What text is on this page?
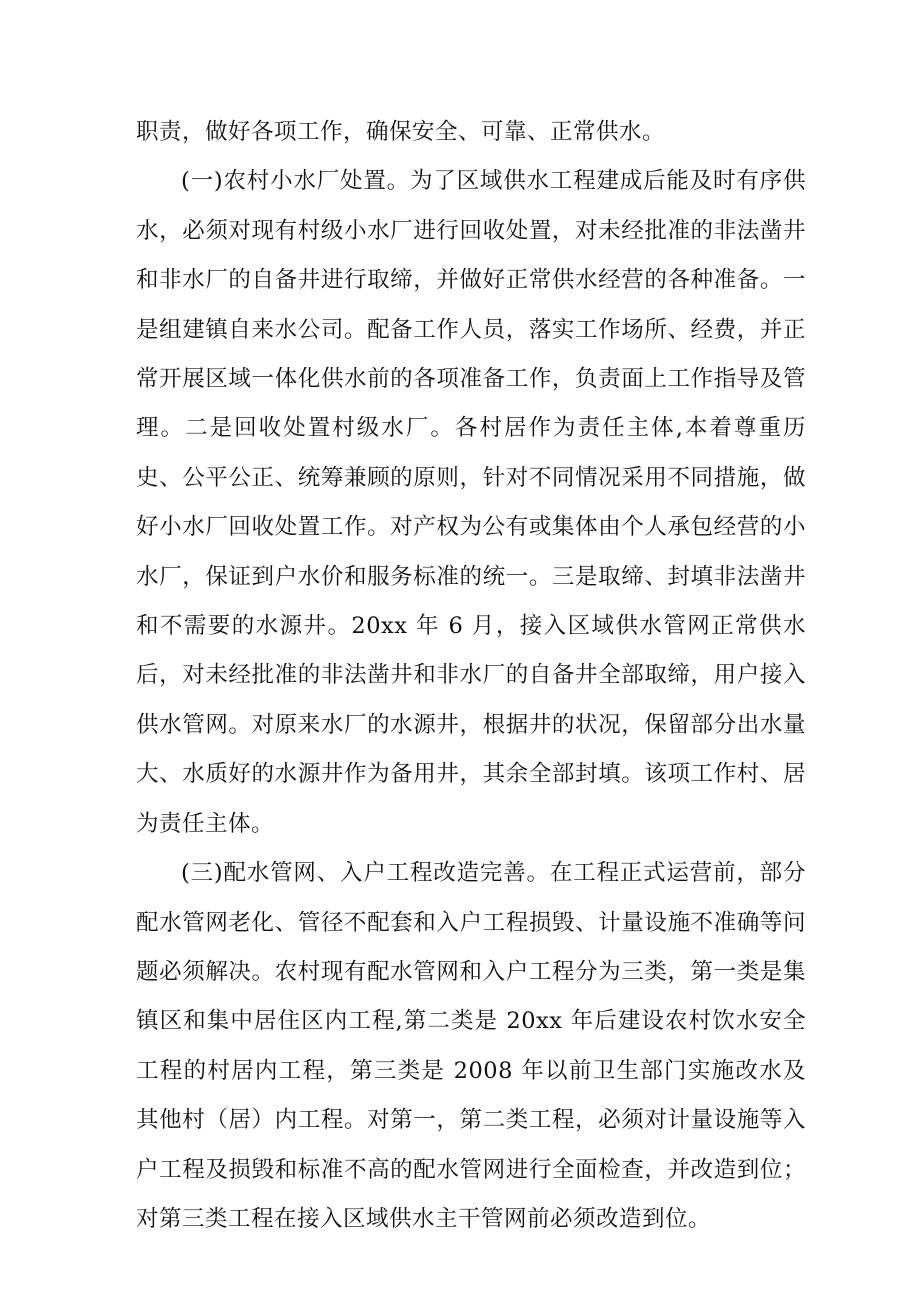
职责，做好各项工作，确保安全、可靠、正常供水。

(一)农村小水厂处置。为了区域供水工程建成后能及时有序供水，必须对现有村级小水厂进行回收处置，对未经批准的非法凿井和非水厂的自备井进行取缔，并做好正常供水经营的各种准备。一是组建镇自来水公司。配备工作人员，落实工作场所、经费，并正常开展区域一体化供水前的各项准备工作，负责面上工作指导及管理。二是回收处置村级水厂。各村居作为责任主体,本着尊重历史、公平公正、统筹兼顾的原则，针对不同情况采用不同措施，做好小水厂回收处置工作。对产权为公有或集体由个人承包经营的小水厂，保证到户水价和服务标准的统一。三是取缔、封填非法凿井和不需要的水源井。20xx 年 6 月，接入区域供水管网正常供水后，对未经批准的非法凿井和非水厂的自备井全部取缔，用户接入供水管网。对原来水厂的水源井，根据井的状况，保留部分出水量大、水质好的水源井作为备用井，其余全部封填。该项工作村、居为责任主体。

(三)配水管网、入户工程改造完善。在工程正式运营前，部分配水管网老化、管径不配套和入户工程损毁、计量设施不准确等问题必须解决。农村现有配水管网和入户工程分为三类，第一类是集镇区和集中居住区内工程,第二类是 20xx 年后建设农村饮水安全工程的村居内工程，第三类是 2008 年以前卫生部门实施改水及其他村（居）内工程。对第一，第二类工程，必须对计量设施等入户工程及损毁和标准不高的配水管网进行全面检查，并改造到位；对第三类工程在接入区域供水主干管网前必须改造到位。
